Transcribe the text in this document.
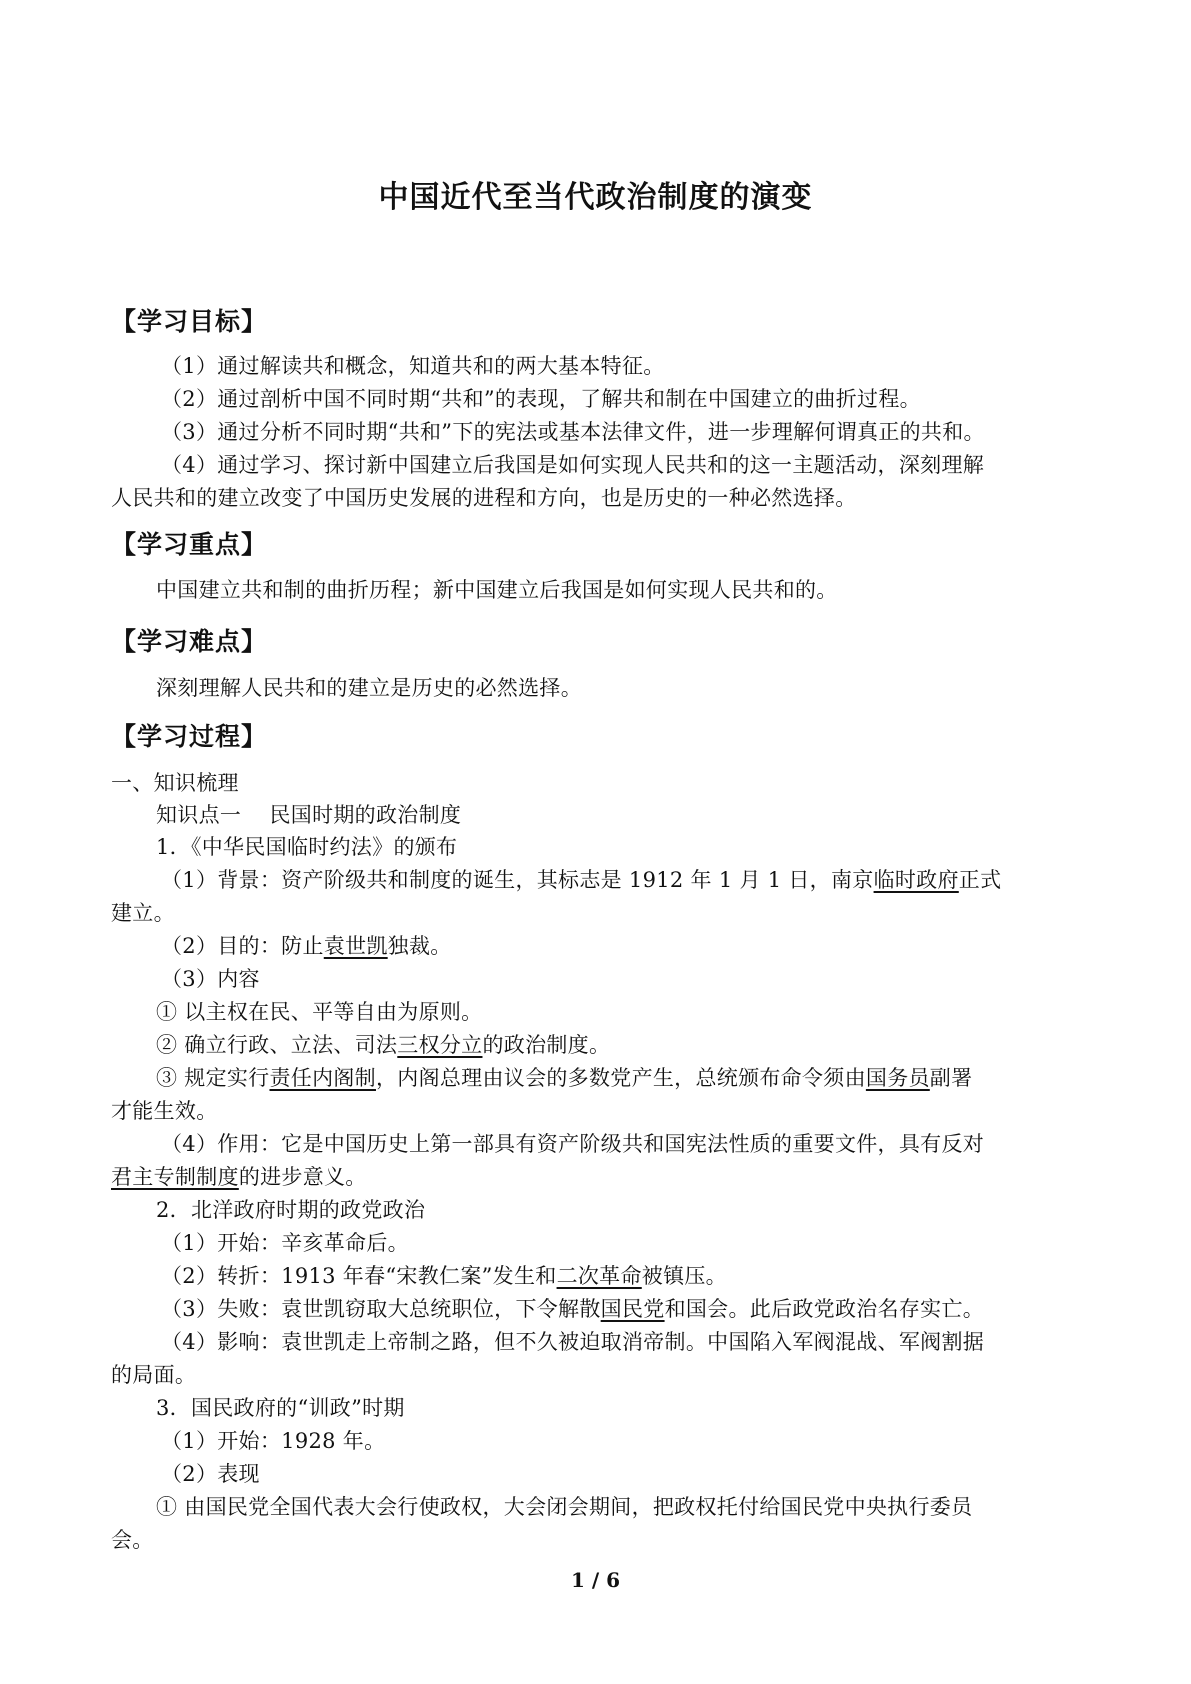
中国近代至当代政治制度的演变
【学习目标】
（1）通过解读共和概念，知道共和的两大基本特征。
（2）通过剖析中国不同时期“共和”的表现，了解共和制在中国建立的曲折过程。
（3）通过分析不同时期“共和”下的宪法或基本法律文件，进一步理解何谓真正的共和。
（4）通过学习、探讨新中国建立后我国是如何实现人民共和的这一主题活动，深刻理解
人民共和的建立改变了中国历史发展的进程和方向，也是历史的一种必然选择。
【学习重点】
中国建立共和制的曲折历程；新中国建立后我国是如何实现人民共和的。
【学习难点】
深刻理解人民共和的建立是历史的必然选择。
【学习过程】
一、知识梳理
知识点一　 民国时期的政治制度
1．《中华民国临时约法》的颁布
（1）背景：资产阶级共和制度的诞生，其标志是 1912 年 1 月 1 日，南京临时政府正式
建立。
（2）目的：防止袁世凯独裁。
（3）内容
① 以主权在民、平等自由为原则。
② 确立行政、立法、司法三权分立的政治制度。
③ 规定实行责任内阁制，内阁总理由议会的多数党产生，总统颁布命令须由国务员副署
才能生效。
（4）作用：它是中国历史上第一部具有资产阶级共和国宪法性质的重要文件，具有反对
君主专制制度的进步意义。
2．北洋政府时期的政党政治
（1）开始：辛亥革命后。
（2）转折：1913 年春“宋教仁案”发生和二次革命被镇压。
（3）失败：袁世凯窃取大总统职位，下令解散国民党和国会。此后政党政治名存实亡。
（4）影响：袁世凯走上帝制之路，但不久被迫取消帝制。中国陷入军阀混战、军阀割据
的局面。
3．国民政府的“训政”时期
（1）开始：1928 年。
（2）表现
① 由国民党全国代表大会行使政权，大会闭会期间，把政权托付给国民党中央执行委员
会。
1 / 6
